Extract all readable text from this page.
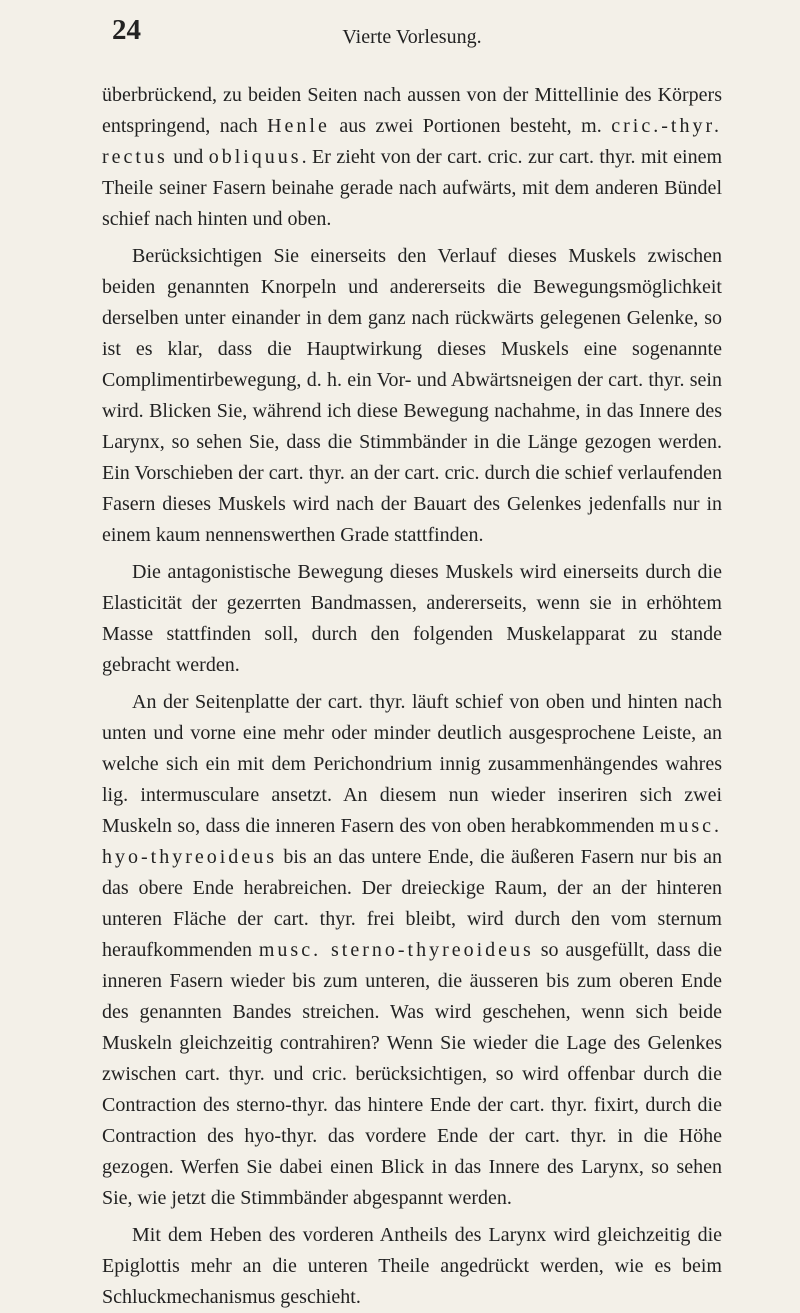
24	Vierte Vorlesung.

überbrückend, zu beiden Seiten nach aussen von der Mittellinie des Körpers entspringend, nach Henle aus zwei Portionen besteht, m. cric.-thyr. rectus und obliquus. Er zieht von der cart. cric. zur cart. thyr. mit einem Theile seiner Fasern beinahe gerade nach aufwärts, mit dem anderen Bündel schief nach hinten und oben.

Berücksichtigen Sie einerseits den Verlauf dieses Muskels zwischen beiden genannten Knorpeln und andererseits die Bewegungsmöglichkeit derselben unter einander in dem ganz nach rückwärts gelegenen Gelenke, so ist es klar, dass die Hauptwirkung dieses Muskels eine sogenannte Complimentirbewegung, d. h. ein Vor- und Abwärtsneigen der cart. thyr. sein wird. Blicken Sie, während ich diese Bewegung nachahme, in das Innere des Larynx, so sehen Sie, dass die Stimmbänder in die Länge gezogen werden. Ein Vorschieben der cart. thyr. an der cart. cric. durch die schief verlaufenden Fasern dieses Muskels wird nach der Bauart des Gelenkes jedenfalls nur in einem kaum nennenswerthen Grade stattfinden.

Die antagonistische Bewegung dieses Muskels wird einerseits durch die Elasticität der gezerrten Bandmassen, andererseits, wenn sie in erhöhtem Masse stattfinden soll, durch den folgenden Muskelapparat zu stande gebracht werden.

An der Seitenplatte der cart. thyr. läuft schief von oben und hinten nach unten und vorne eine mehr oder minder deutlich ausgesprochene Leiste, an welche sich ein mit dem Perichondrium innig zusammenhängendes wahres lig. intermusculare ansetzt. An diesem nun wieder inseriren sich zwei Muskeln so, dass die inneren Fasern des von oben herabkommenden musc. hyo-thyreoideus bis an das untere Ende, die äußeren Fasern nur bis an das obere Ende herabreichen. Der dreieckige Raum, der an der hinteren unteren Fläche der cart. thyr. frei bleibt, wird durch den vom sternum heraufkommenden musc. sterno-thyreoideus so ausgefüllt, dass die inneren Fasern wieder bis zum unteren, die äusseren bis zum oberen Ende des genannten Bandes streichen. Was wird geschehen, wenn sich beide Muskeln gleichzeitig contrahiren? Wenn Sie wieder die Lage des Gelenkes zwischen cart. thyr. und cric. berücksichtigen, so wird offenbar durch die Contraction des sterno-thyr. das hintere Ende der cart. thyr. fixirt, durch die Contraction des hyo-thyr. das vordere Ende der cart. thyr. in die Höhe gezogen. Werfen Sie dabei einen Blick in das Innere des Larynx, so sehen Sie, wie jetzt die Stimmbänder abgespannt werden.

Mit dem Heben des vorderen Antheils des Larynx wird gleichzeitig die Epiglottis mehr an die unteren Theile angedrückt werden, wie es beim Schluckmechanismus geschieht.
